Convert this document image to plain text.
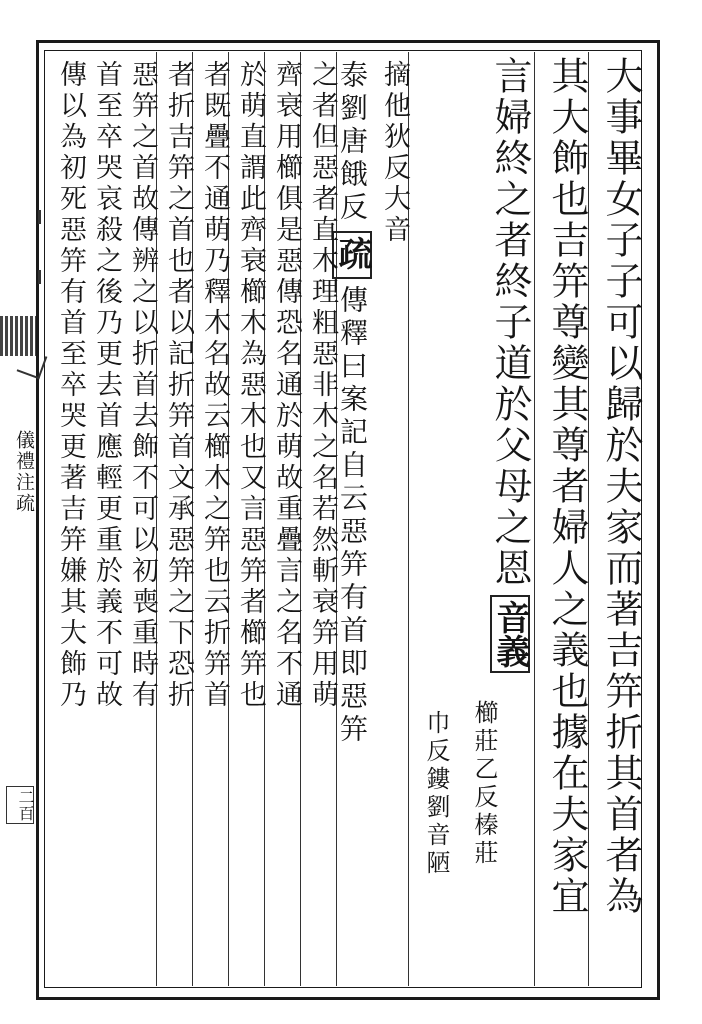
儀禮注疏
二百	大事畢女子子可以歸於夫家而著吉笄折其首者為
其大飾也吉笄尊變其尊者婦人之義也據在夫家宜
言婦終之者終子道於父母之恩音義
櫛莊乙反榛莊
巾反鏤劉音陋
摘他狄反大音
泰劉唐餓反疏傳釋曰案記自云惡笄有首即惡笄
之者但惡者直木理粗惡非木之名若然斬衰笄用萌
齊衰用櫛俱是惡傳恐名通於萌故重疊言之名不通
於萌直謂此齊衰櫛木為惡木也又言惡笄者櫛笄也
者既疊不通萌乃釋木名故云櫛木之笄也云折笄首
者折吉笄之首也者以記折笄首文承惡笄之下恐折
惡笄之首故傳辨之以折首去飾不可以初喪重時有
首至卒哭哀殺之後乃更去首應輕更重於義不可故
傳以為初死惡笄有首至卒哭更著吉笄嫌其大飾乃
